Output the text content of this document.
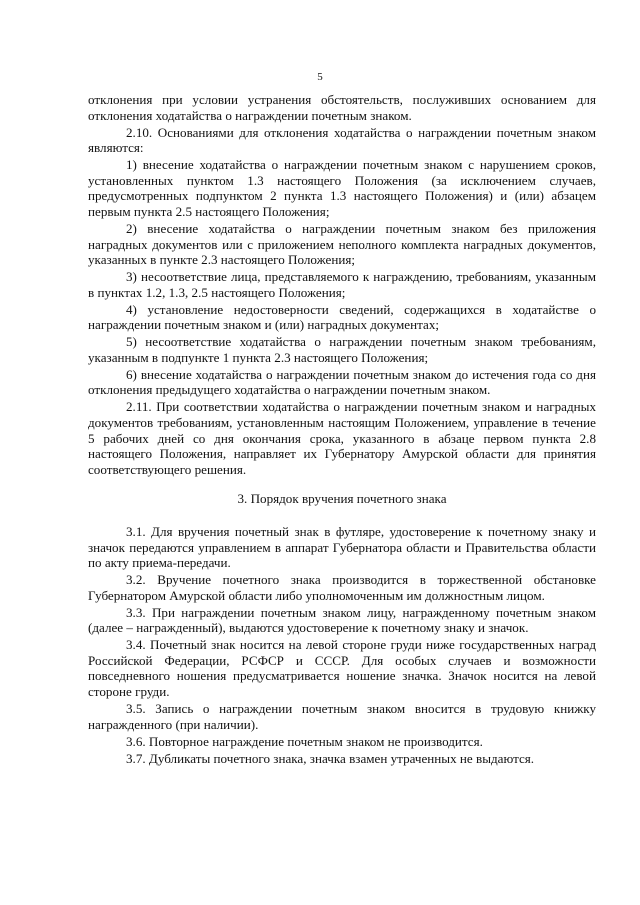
5

отклонения при условии устранения обстоятельств, послуживших основанием для отклонения ходатайства о награждении почетным знаком.

2.10. Основаниями для отклонения ходатайства о награждении почетным знаком являются:

1) внесение ходатайства о награждении почетным знаком с нарушением сроков, установленных пунктом 1.3 настоящего Положения (за исключением случаев, предусмотренных подпунктом 2 пункта 1.3 настоящего Положения) и (или) абзацем первым пункта 2.5 настоящего Положения;

2) внесение ходатайства о награждении почетным знаком без приложения наградных документов или с приложением неполного комплекта наградных документов, указанных в пункте 2.3 настоящего Положения;

3) несоответствие лица, представляемого к награждению, требованиям, указанным в пунктах 1.2, 1.3, 2.5 настоящего Положения;

4) установление недостоверности сведений, содержащихся в ходатайстве о награждении почетным знаком и (или) наградных документах;

5) несоответствие ходатайства о награждении почетным знаком требованиям, указанным в подпункте 1 пункта 2.3 настоящего Положения;

6) внесение ходатайства о награждении почетным знаком до истечения года со дня отклонения предыдущего ходатайства о награждении почетным знаком.

2.11. При соответствии ходатайства о награждении почетным знаком и наградных документов требованиям, установленным настоящим Положением, управление в течение 5 рабочих дней со дня окончания срока, указанного в абзаце первом пункта 2.8 настоящего Положения, направляет их Губернатору Амурской области для принятия соответствующего решения.

3. Порядок вручения почетного знака

3.1. Для вручения почетный знак в футляре, удостоверение к почетному знаку и значок передаются управлением в аппарат Губернатора области и Правительства области по акту приема-передачи.

3.2. Вручение почетного знака производится в торжественной обстановке Губернатором Амурской области либо уполномоченным им должностным лицом.

3.3. При награждении почетным знаком лицу, награжденному почетным знаком (далее – награжденный), выдаются удостоверение к почетному знаку и значок.

3.4. Почетный знак носится на левой стороне груди ниже государственных наград Российской Федерации, РСФСР и СССР. Для особых случаев и возможности повседневного ношения предусматривается ношение значка. Значок носится на левой стороне груди.

3.5. Запись о награждении почетным знаком вносится в трудовую книжку награжденного (при наличии).

3.6. Повторное награждение почетным знаком не производится.

3.7. Дубликаты почетного знака, значка взамен утраченных не выдаются.
